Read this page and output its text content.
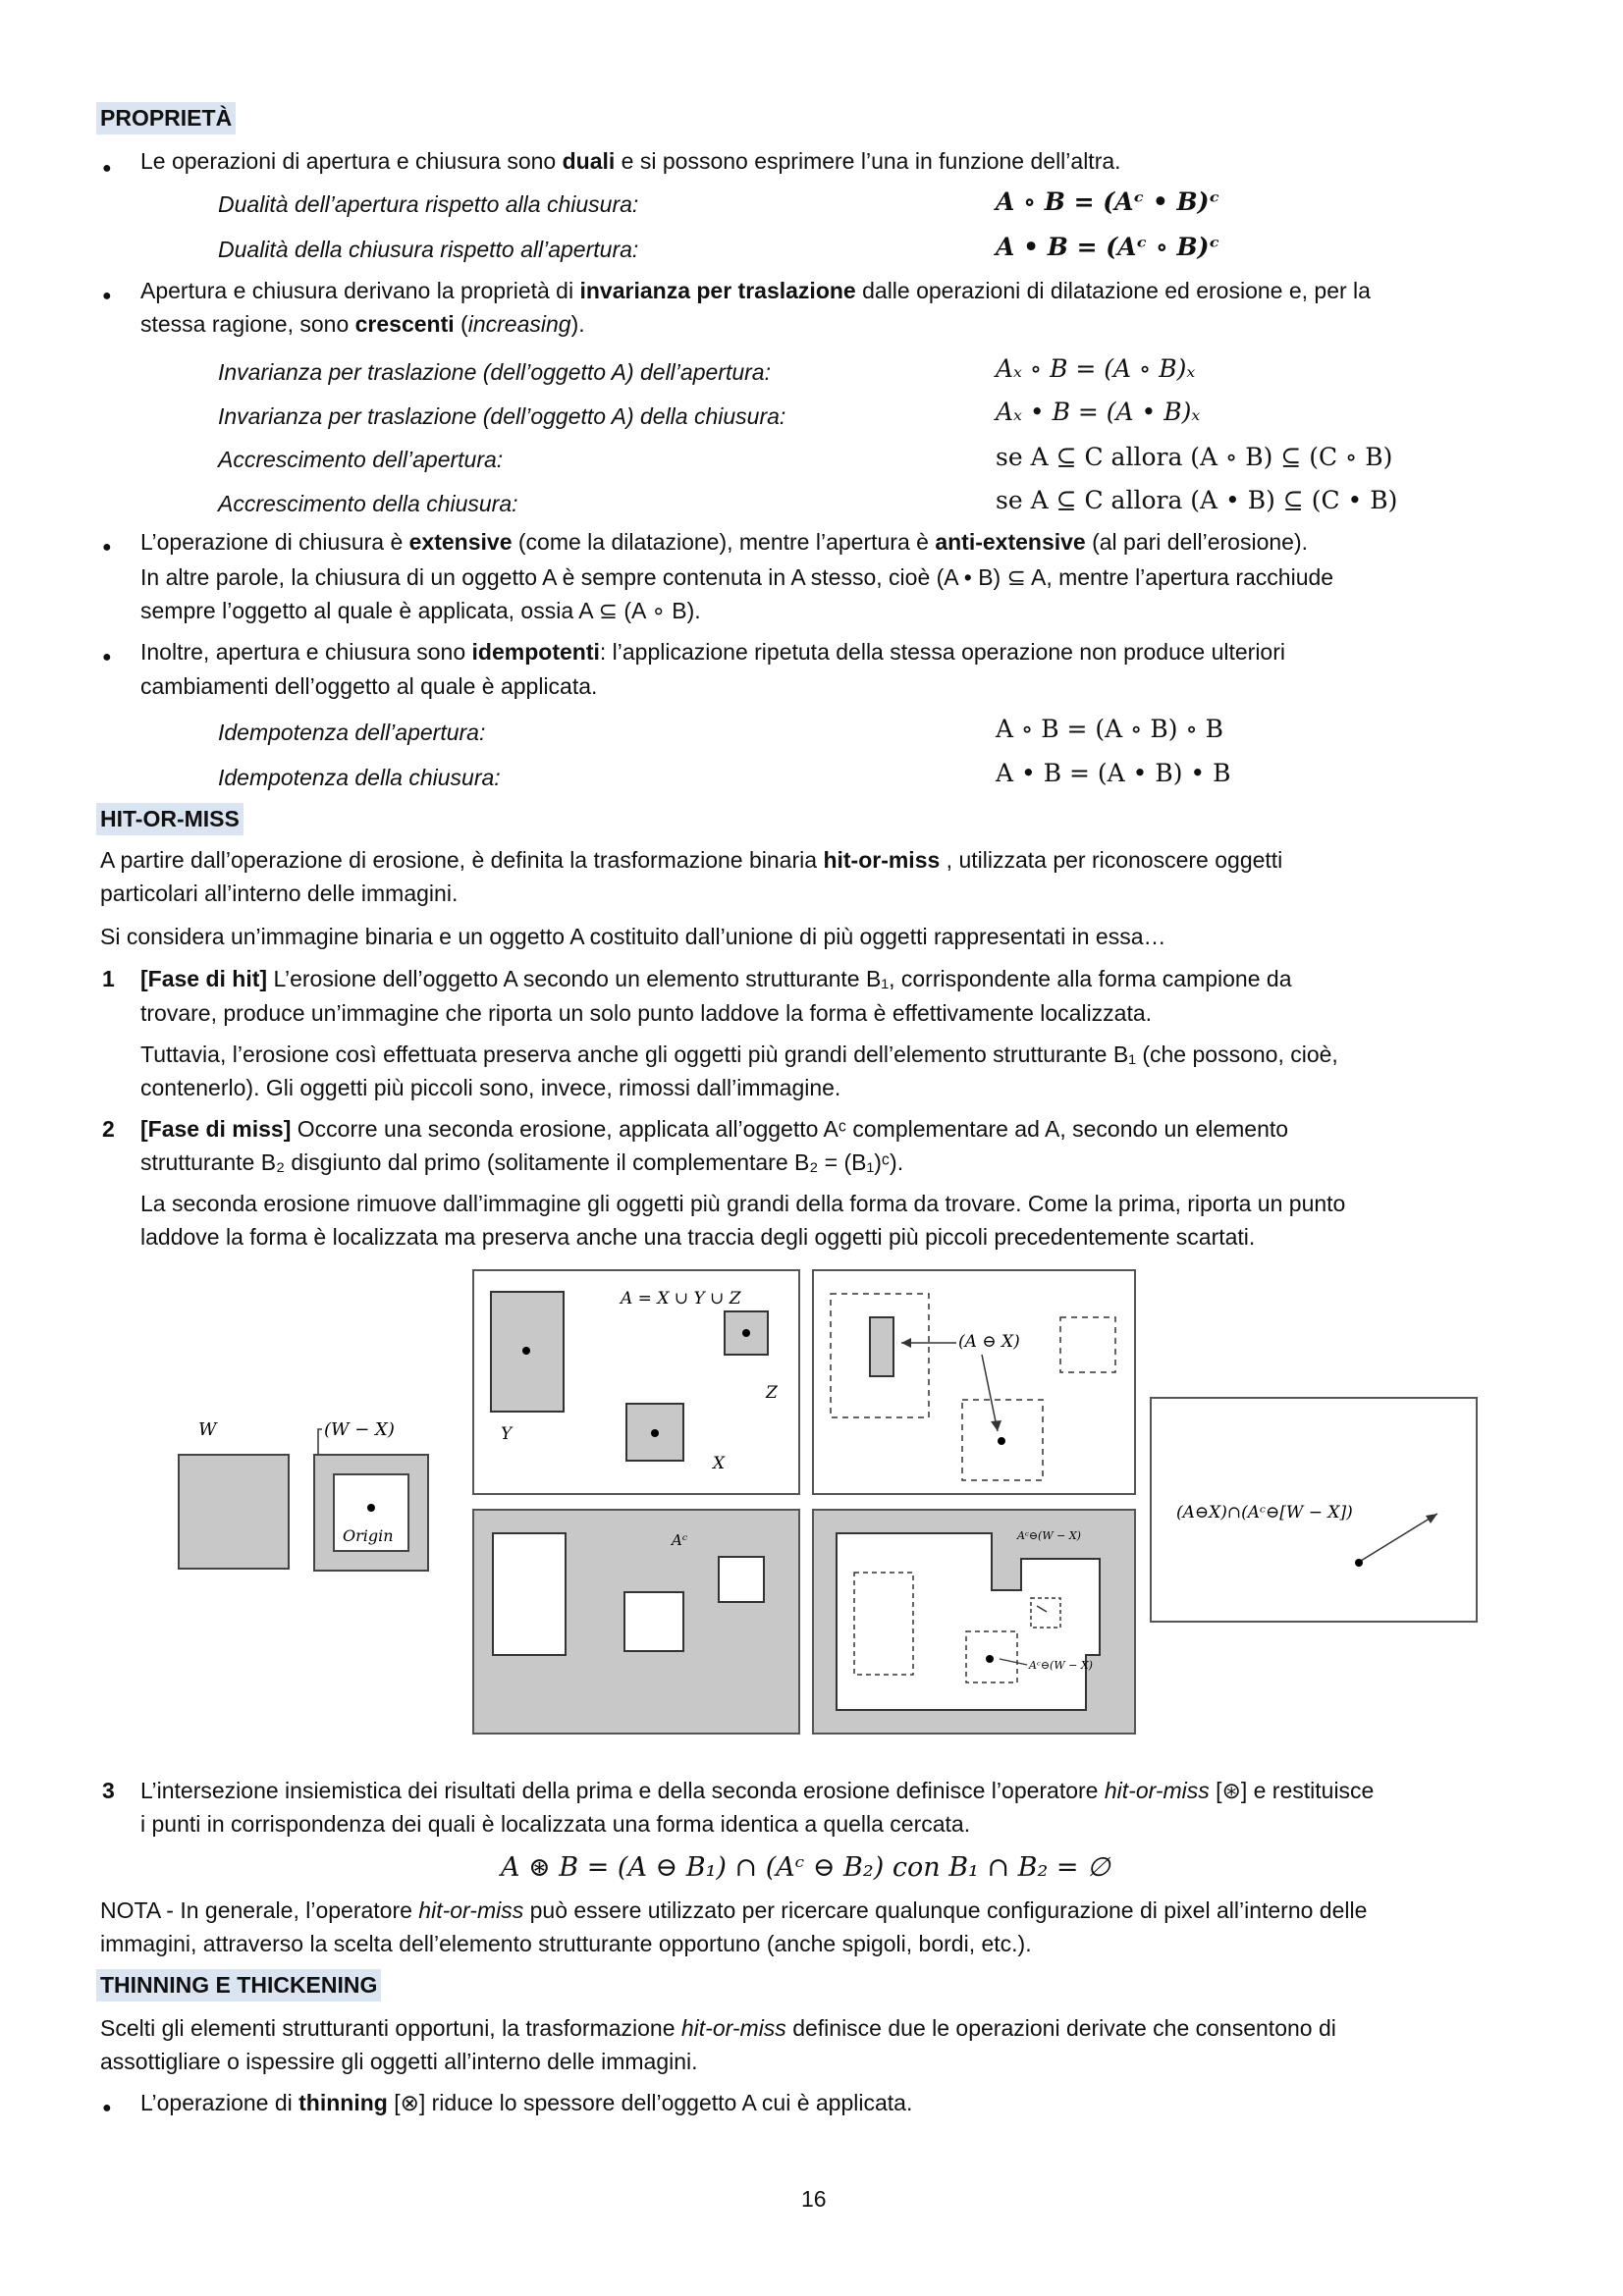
PROPRIETÀ
● Le operazioni di apertura e chiusura sono duali e si possono esprimere l’una in funzione dell’altra.
Dualità dell’apertura rispetto alla chiusura:	A ∘ B = (Aᶜ • B)ᶜ
Dualità della chiusura rispetto all’apertura:	A • B = (Aᶜ ∘ B)ᶜ
● Apertura e chiusura derivano la proprietà di invarianza per traslazione dalle operazioni di dilatazione ed erosione e, per la
stessa ragione, sono crescenti (increasing).
Invarianza per traslazione (dell’oggetto A) dell’apertura:	Aₓ ∘ B = (A ∘ B)ₓ
Invarianza per traslazione (dell’oggetto A) della chiusura:	Aₓ • B = (A • B)ₓ
Accrescimento dell’apertura:	se A ⊆ C allora (A ∘ B) ⊆ (C ∘ B)
Accrescimento della chiusura:	se A ⊆ C allora (A • B) ⊆ (C • B)
● L’operazione di chiusura è extensive (come la dilatazione), mentre l’apertura è anti-extensive (al pari dell’erosione).
In altre parole, la chiusura di un oggetto A è sempre contenuta in A stesso, cioè (A • B) ⊆ A, mentre l’apertura racchiude
sempre l’oggetto al quale è applicata, ossia A ⊆ (A ∘ B).
● Inoltre, apertura e chiusura sono idempotenti: l’applicazione ripetuta della stessa operazione non produce ulteriori
cambiamenti dell’oggetto al quale è applicata.
Idempotenza dell’apertura:	A ∘ B = (A ∘ B) ∘ B
Idempotenza della chiusura:	A • B = (A • B) • B
HIT-OR-MISS
A partire dall’operazione di erosione, è definita la trasformazione binaria hit-or-miss , utilizzata per riconoscere oggetti
particolari all’interno delle immagini.
Si considera un’immagine binaria e un oggetto A costituito dall’unione di più oggetti rappresentati in essa…
1 [Fase di hit] L’erosione dell’oggetto A secondo un elemento strutturante B₁, corrispondente alla forma campione da
trovare, produce un’immagine che riporta un solo punto laddove la forma è effettivamente localizzata.
Tuttavia, l’erosione così effettuata preserva anche gli oggetti più grandi dell’elemento strutturante B₁ (che possono, cioè,
contenerlo). Gli oggetti più piccoli sono, invece, rimossi dall’immagine.
2 [Fase di miss] Occorre una seconda erosione, applicata all’oggetto Aᶜ complementare ad A, secondo un elemento
strutturante B₂ disgiunto dal primo (solitamente il complementare B₂ = (B₁)ᶜ).
La seconda erosione rimuove dall’immagine gli oggetti più grandi della forma da trovare. Come la prima, riporta un punto
laddove la forma è localizzata ma preserva anche una traccia degli oggetti più piccoli precedentemente scartati.
W	(W − X)
Origin
A = X ∪ Y ∪ Z
Y
X
Z
(A ⊖ X)
Aᶜ	Aᶜ⊖(W − X)
Aᶜ⊖(W − X)
(A⊖X)∩(Aᶜ⊖[W − X])
3 L’intersezione insiemistica dei risultati della prima e della seconda erosione definisce l’operatore hit-or-miss [⊛] e restituisce
i punti in corrispondenza dei quali è localizzata una forma identica a quella cercata.
A ⊛ B = (A ⊖ B₁) ∩ (Aᶜ ⊖ B₂) con B₁ ∩ B₂ = ∅
NOTA - In generale, l’operatore hit-or-miss può essere utilizzato per ricercare qualunque configurazione di pixel all’interno delle
immagini, attraverso la scelta dell’elemento strutturante opportuno (anche spigoli, bordi, etc.).
THINNING E THICKENING
Scelti gli elementi strutturanti opportuni, la trasformazione hit-or-miss definisce due le operazioni derivate che consentono di
assottigliare o ispessire gli oggetti all’interno delle immagini.
● L’operazione di thinning [⊗] riduce lo spessore dell’oggetto A cui è applicata.
16
